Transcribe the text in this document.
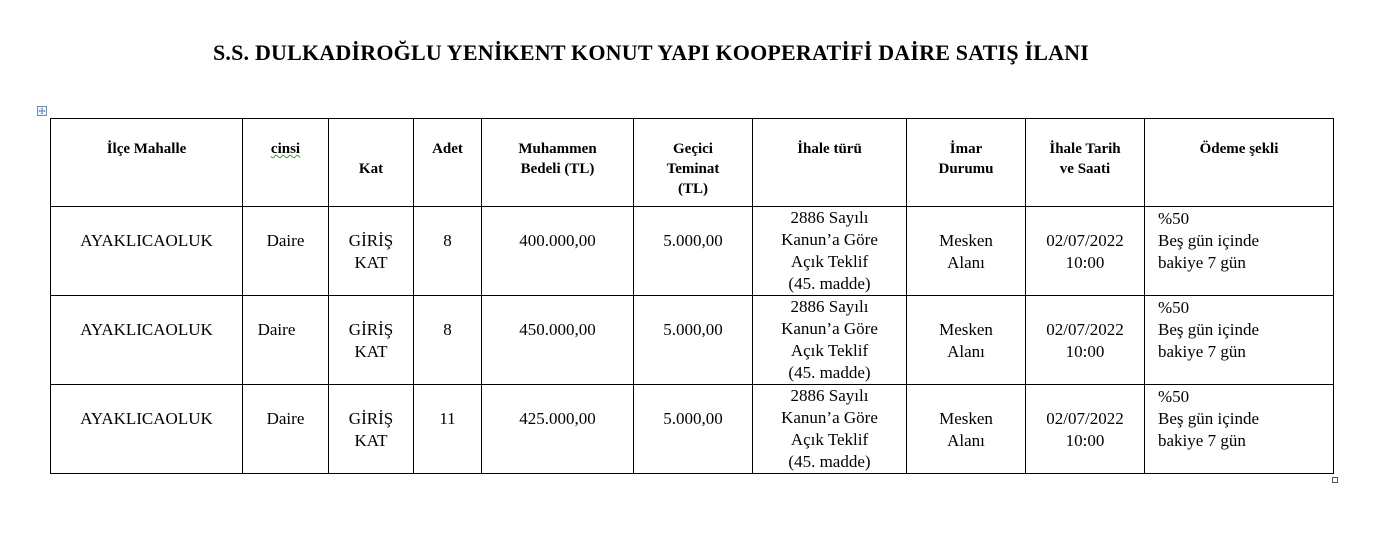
S.S. DULKADİROĞLU YENİKENT KONUT YAPI KOOPERATİFİ DAİRE SATIŞ İLANI
İlçe Mahalle	cinsi	Kat	Adet	Muhammen
Bedeli (TL)	Geçici
Teminat
(TL)	İhale türü	İmar
Durumu	İhale Tarih
ve Saati	Ödeme şekli
AYAKLICAOLUK	Daire	GİRİŞ
KAT	8	400.000,00	5.000,00	2886 Sayılı
Kanun’a Göre
Açık Teklif
(45. madde)	Mesken
Alanı	02/07/2022
10:00	%50
Beş gün içinde
bakiye 7 gün

AYAKLICAOLUK	Daire	GİRİŞ
KAT	8	450.000,00	5.000,00	2886 Sayılı
Kanun’a Göre
Açık Teklif
(45. madde)	Mesken
Alanı	02/07/2022
10:00	%50
Beş gün içinde
bakiye 7 gün

AYAKLICAOLUK	Daire	GİRİŞ
KAT	11	425.000,00	5.000,00	2886 Sayılı
Kanun’a Göre
Açık Teklif
(45. madde)	Mesken
Alanı	02/07/2022
10:00	%50
Beş gün içinde
bakiye 7 gün
